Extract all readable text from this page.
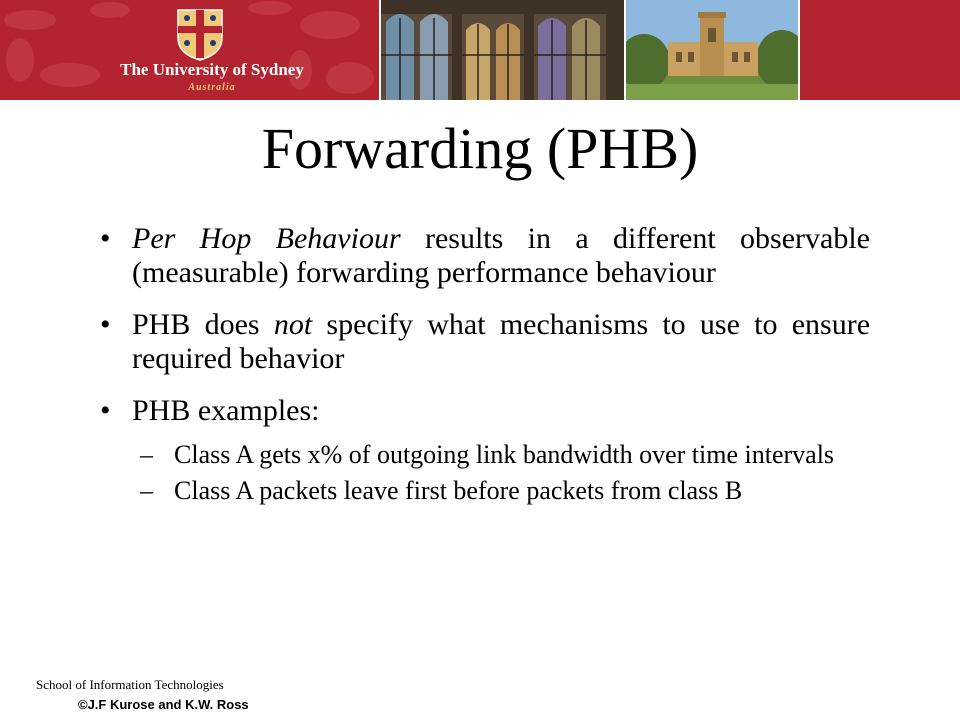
The University of Sydney
Australia
Forwarding (PHB)
• Per Hop Behaviour results in a different observable (measurable) forwarding performance behaviour
• PHB does not specify what mechanisms to use to ensure required behavior
• PHB examples:
– Class A gets x% of outgoing link bandwidth over time intervals
– Class A packets leave first before packets from class B
School of Information Technologies
©J.F Kurose and K.W. Ross
